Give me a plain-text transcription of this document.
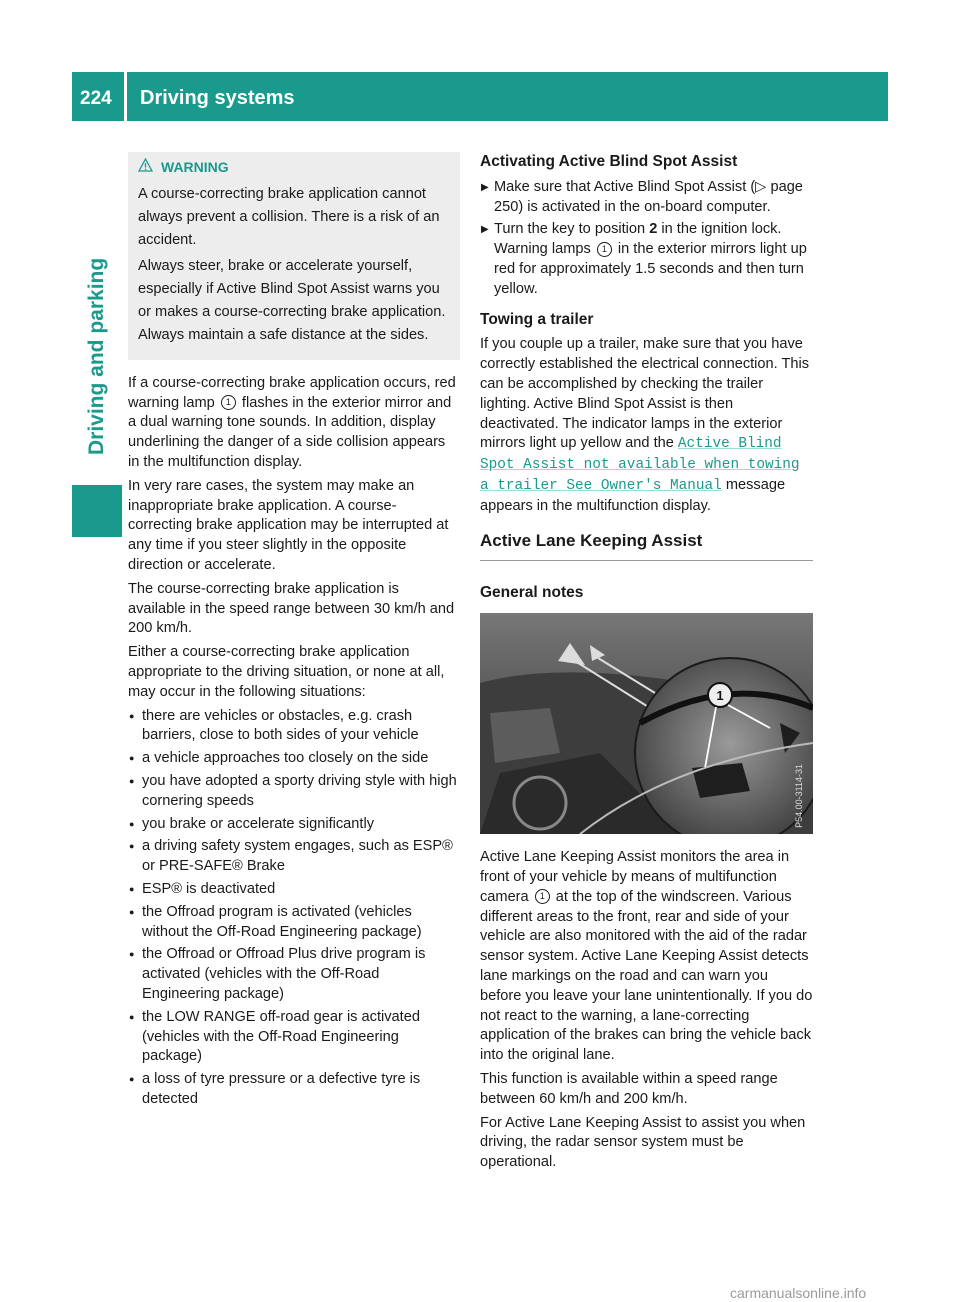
224 Driving systems
Driving and parking
WARNING

A course-correcting brake application cannot always prevent a collision. There is a risk of an accident.

Always steer, brake or accelerate yourself, especially if Active Blind Spot Assist warns you or makes a course-correcting brake application. Always maintain a safe distance at the sides.

If a course-correcting brake application occurs, red warning lamp 1 flashes in the exterior mirror and a dual warning tone sounds. In addition, display underlining the danger of a side collision appears in the multifunction display.

In very rare cases, the system may make an inappropriate brake application. A course-correcting brake application may be interrupted at any time if you steer slightly in the opposite direction or accelerate.

The course-correcting brake application is available in the speed range between 30 km/h and 200 km/h.

Either a course-correcting brake application appropriate to the driving situation, or none at all, may occur in the following situations:

● there are vehicles or obstacles, e.g. crash barriers, close to both sides of your vehicle
● a vehicle approaches too closely on the side
● you have adopted a sporty driving style with high cornering speeds
● you brake or accelerate significantly
● a driving safety system engages, such as ESP® or PRE-SAFE® Brake
● ESP® is deactivated
● the Offroad program is activated (vehicles without the Off-Road Engineering package)
● the Offroad or Offroad Plus drive program is activated (vehicles with the Off-Road Engineering package)
● the LOW RANGE off-road gear is activated (vehicles with the Off-Road Engineering package)
● a loss of tyre pressure or a defective tyre is detected
Activating Active Blind Spot Assist
▶ Make sure that Active Blind Spot Assist (▷ page 250) is activated in the on-board computer.
▶ Turn the key to position 2 in the ignition lock. Warning lamps 1 in the exterior mirrors light up red for approximately 1.5 seconds and then turn yellow.
Towing a trailer

If you couple up a trailer, make sure that you have correctly established the electrical connection. This can be accomplished by checking the trailer lighting. Active Blind Spot Assist is then deactivated. The indicator lamps in the exterior mirrors light up yellow and the Active Blind Spot Assist not available when towing a trailer See Owner's Manual message appears in the multifunction display.

Active Lane Keeping Assist
General notes
1
P54.00-3114-31

Active Lane Keeping Assist monitors the area in front of your vehicle by means of multifunction camera 1 at the top of the windscreen. Various different areas to the front, rear and side of your vehicle are also monitored with the aid of the radar sensor system. Active Lane Keeping Assist detects lane markings on the road and can warn you before you leave your lane unintentionally. If you do not react to the warning, a lane-correcting application of the brakes can bring the vehicle back into the original lane.

This function is available within a speed range between 60 km/h and 200 km/h.

For Active Lane Keeping Assist to assist you when driving, the radar sensor system must be operational.

carmanualsonline.info
